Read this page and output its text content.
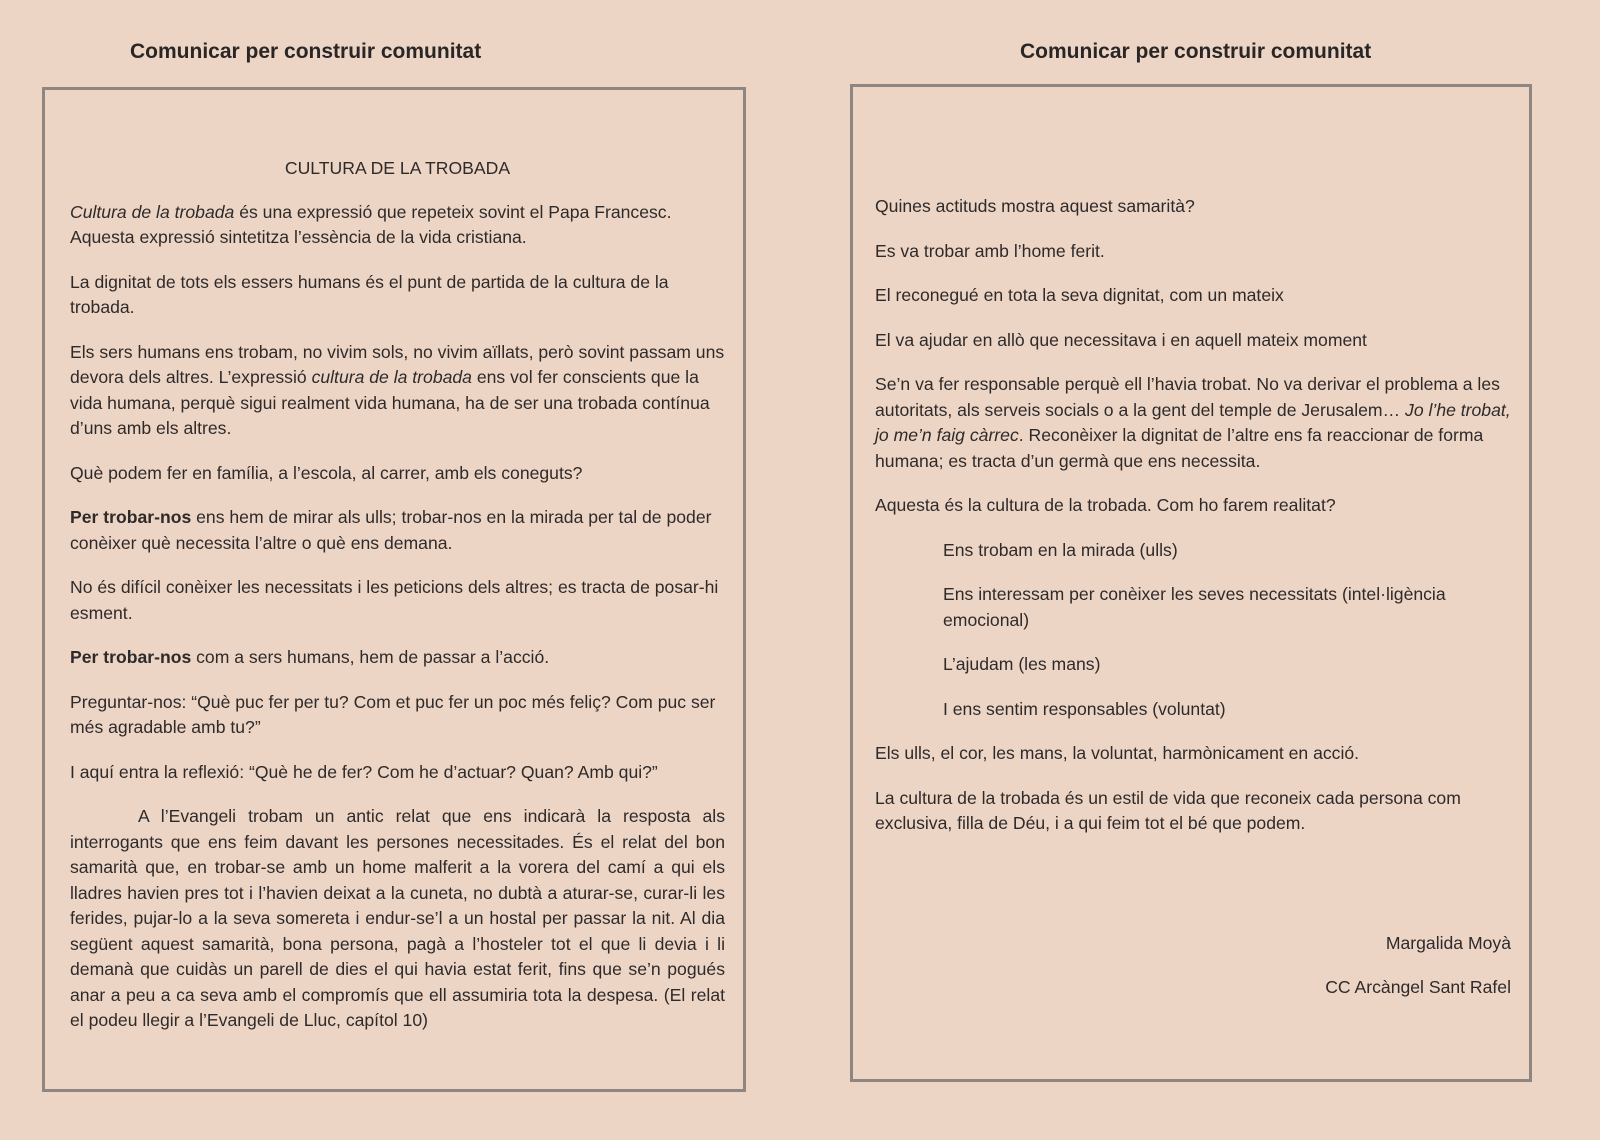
Comunicar per construir comunitat

CULTURA DE LA TROBADA

Cultura de la trobada és una expressió que repeteix sovint el Papa Francesc. Aquesta expressió sintetitza l’essència de la vida cristiana.

La dignitat de tots els essers humans és el punt de partida de la cultura de la trobada.

Els sers humans ens trobam, no vivim sols, no vivim aïllats, però sovint passam uns devora dels altres. L’expressió cultura de la trobada ens vol fer conscients que la vida humana, perquè sigui realment vida humana, ha de ser una trobada contínua d’uns amb els altres.

Què podem fer en família, a l’escola, al carrer, amb els coneguts?

Per trobar-nos ens hem de mirar als ulls; trobar-nos en la mirada per tal de poder conèixer què necessita l’altre o què ens demana.

No és difícil conèixer les necessitats i les peticions dels altres; es tracta de posar-hi esment.

Per trobar-nos com a sers humans, hem de passar a l’acció.

Preguntar-nos: “Què puc fer per tu? Com et puc fer un poc més feliç? Com puc ser més agradable amb tu?”

I aquí entra la reflexió: “Què he de fer? Com he d’actuar? Quan? Amb qui?”

A l’Evangeli trobam un antic relat que ens indicarà la resposta als interrogants que ens feim davant les persones necessitades. És el relat del bon samarità que, en trobar-se amb un home malferit a la vorera del camí a qui els lladres havien pres tot i l’havien deixat a la cuneta, no dubtà a aturar-se, curar-li les ferides, pujar-lo a la seva somereta i endur-se’l a un hostal per passar la nit. Al dia següent aquest samarità, bona persona, pagà a l’hosteler tot el que li devia i li demanà que cuidàs un parell de dies el qui havia estat ferit, fins que se’n pogués anar a peu a ca seva amb el compromís que ell assumiria tota la despesa. (El relat el podeu llegir a l’Evangeli de Lluc, capítol 10)

Comunicar per construir comunitat

Quines actituds mostra aquest samarità?

Es va trobar amb l’home ferit.

El reconegué en tota la seva dignitat, com un mateix

El va ajudar en allò que necessitava i en aquell mateix moment

Se’n va fer responsable perquè ell l’havia trobat. No va derivar el problema a les autoritats, als serveis socials o a la gent del temple de Jerusalem… Jo l’he trobat, jo me’n faig càrrec. Reconèixer la dignitat de l’altre ens fa reaccionar de forma humana; es tracta d’un germà que ens necessita.

Aquesta és la cultura de la trobada. Com ho farem realitat?

Ens trobam en la mirada (ulls)

Ens interessam per conèixer les seves necessitats (intel·ligència emocional)

L’ajudam (les mans)

I ens sentim responsables (voluntat)

Els ulls, el cor, les mans, la voluntat, harmònicament en acció.

La cultura de la trobada és un estil de vida que reconeix cada persona com exclusiva, filla de Déu, i a qui feim tot el bé que podem.

Margalida Moyà

CC Arcàngel Sant Rafel
